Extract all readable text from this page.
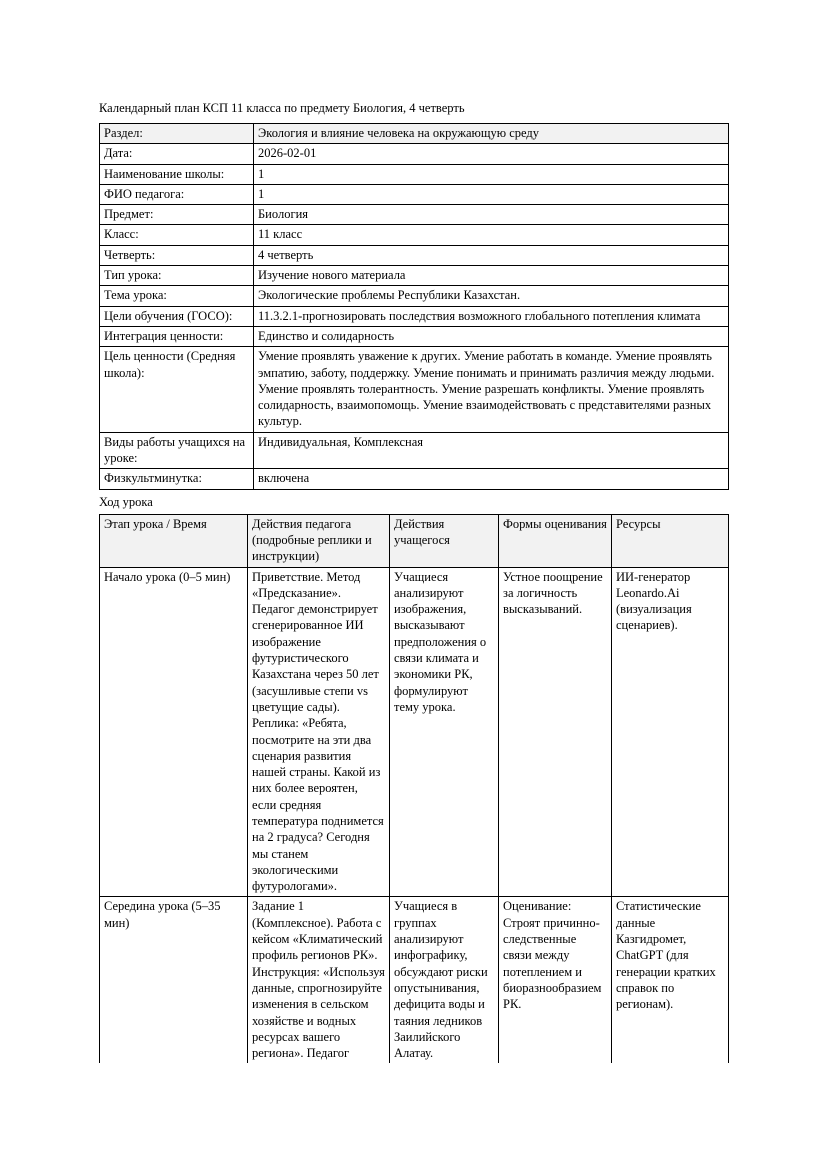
Календарный план КСП 11 класса по предмету Биология, 4 четверть
Раздел:	Экология и влияние человека на окружающую среду
Дата:	2026-02-01
Наименование школы:	1
ФИО педагога:	1
Предмет:	Биология
Класс:	11 класс
Четверть:	4 четверть
Тип урока:	Изучение нового материала
Тема урока:	Экологические проблемы Республики Казахстан.
Цели обучения (ГОСО):	11.3.2.1-прогнозировать последствия возможного глобального потепления климата
Интеграция ценности:	Единство и солидарность
Цель ценности (Средняя школа):	Умение проявлять уважение к других. Умение работать в команде. Умение проявлять эмпатию, заботу, поддержку. Умение понимать и принимать различия между людьми. Умение проявлять толерантность. Умение разрешать конфликты. Умение проявлять солидарность, взаимопомощь. Умение взаимодействовать с представителями разных культур.
Виды работы учащихся на уроке:	Индивидуальная, Комплексная
Физкультминутка:	включена
Ход урока
Этап урока / Время	Действия педагога (подробные реплики и инструкции)	Действия учащегося	Формы оценивания	Ресурсы
Начало урока (0–5 мин)	Приветствие. Метод «Предсказание». Педагог демонстрирует сгенерированное ИИ изображение футуристического Казахстана через 50 лет (засушливые степи vs цветущие сады). Реплика: «Ребята, посмотрите на эти два сценария развития нашей страны. Какой из них более вероятен, если средняя температура поднимется на 2 градуса? Сегодня мы станем экологическими футурологами».	Учащиеся анализируют изображения, высказывают предположения о связи климата и экономики РК, формулируют тему урока.	Устное поощрение за логичность высказываний.	ИИ-генератор Leonardo.Ai (визуализация сценариев).
Середина урока (5–35 мин)	Задание 1 (Комплексное). Работа с кейсом «Климатический профиль регионов РК». Инструкция: «Используя данные, спрогнозируйте изменения в сельском хозяйстве и водных ресурсах вашего региона». Педагог	Учащиеся в группах анализируют инфографику, обсуждают риски опустынивания, дефицита воды и таяния ледников Заилийского Алатау.	Оценивание: Строят причинно-следственные связи между потеплением и биоразнообразием РК.	Статистические данные Казгидромет, ChatGPT (для генерации кратких справок по регионам).
